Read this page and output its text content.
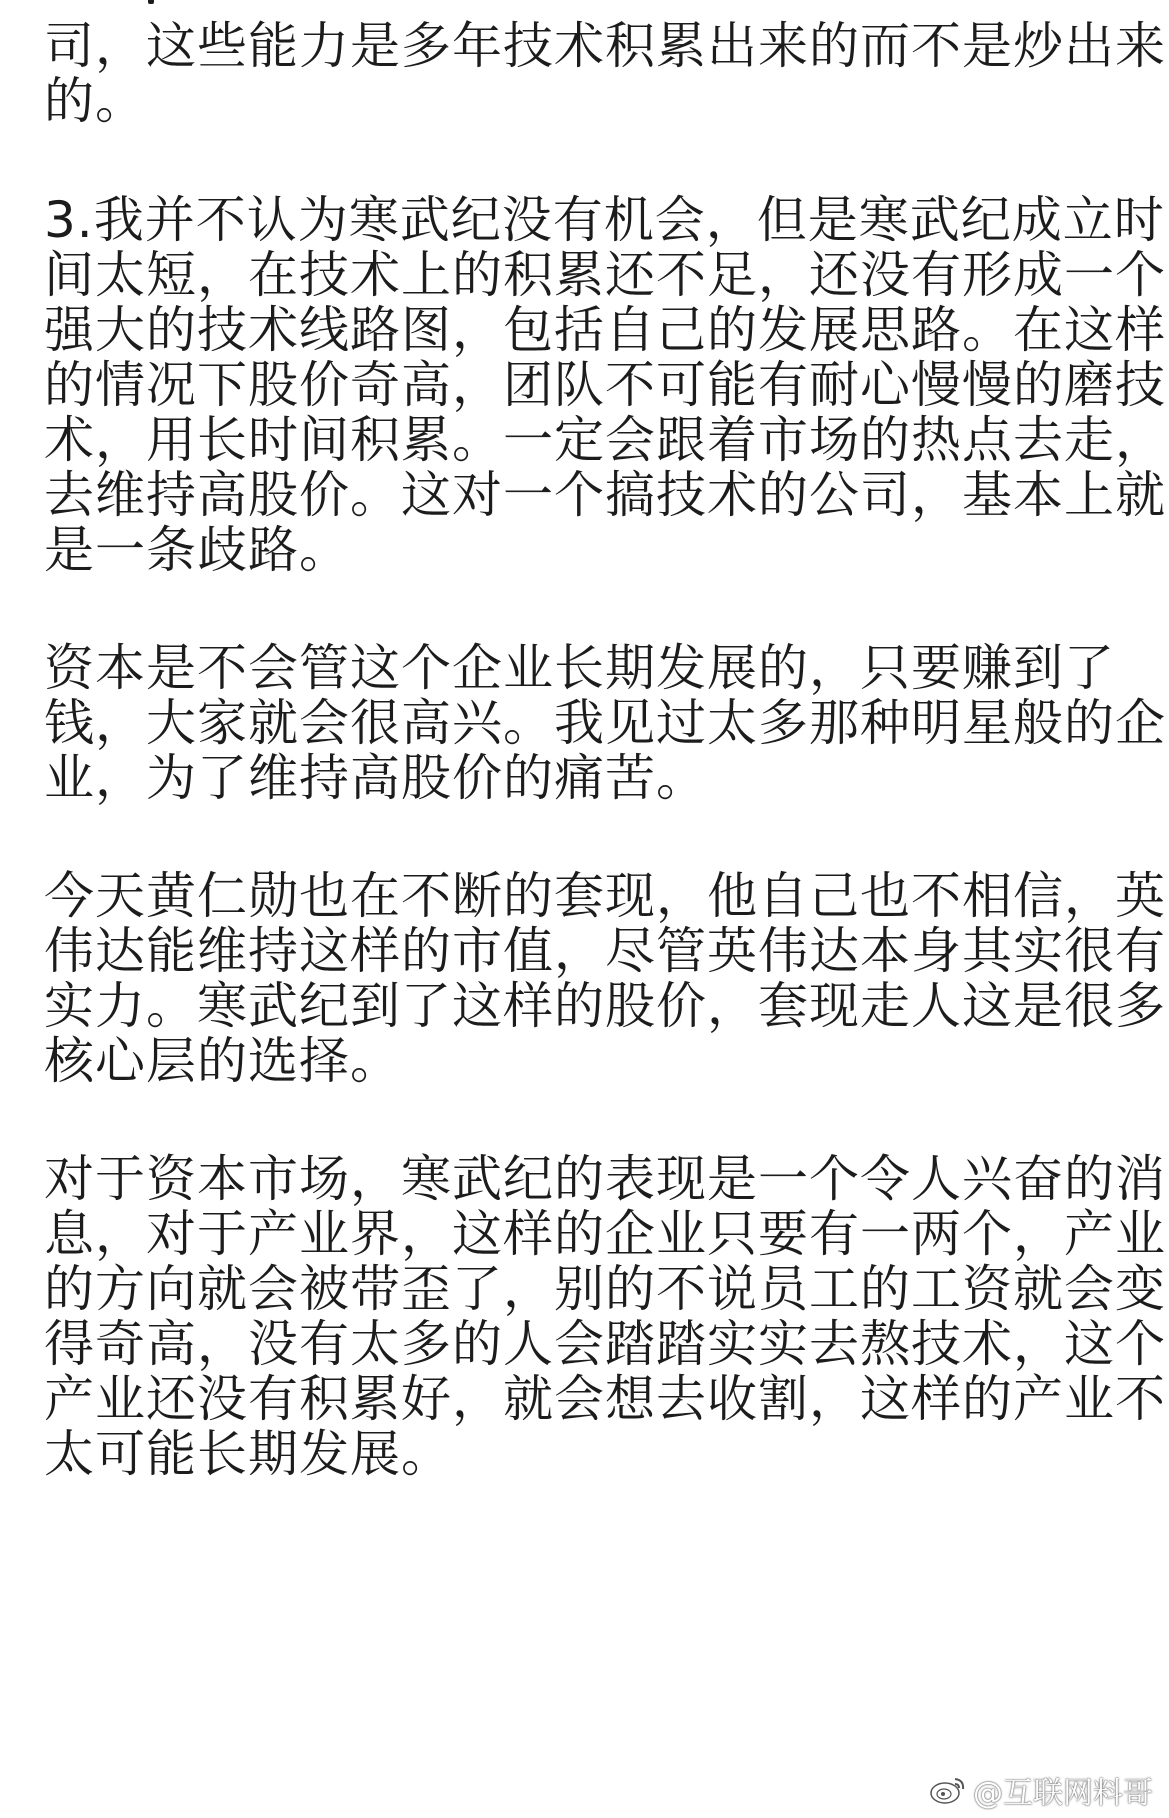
司，这些能力是多年技术积累出来的而不是炒出来
的。
3.我并不认为寒武纪没有机会，但是寒武纪成立时
间太短，在技术上的积累还不足，还没有形成一个
强大的技术线路图，包括自己的发展思路。在这样
的情况下股价奇高，团队不可能有耐心慢慢的磨技
术，用长时间积累。一定会跟着市场的热点去走，
去维持高股价。这对一个搞技术的公司，基本上就
是一条歧路。
资本是不会管这个企业长期发展的，只要赚到了
钱，大家就会很高兴。我见过太多那种明星般的企
业，为了维持高股价的痛苦。
今天黄仁勋也在不断的套现，他自己也不相信，英
伟达能维持这样的市值，尽管英伟达本身其实很有
实力。寒武纪到了这样的股价，套现走人这是很多
核心层的选择。
对于资本市场，寒武纪的表现是一个令人兴奋的消
息，对于产业界，这样的企业只要有一两个，产业
的方向就会被带歪了，别的不说员工的工资就会变
得奇高，没有太多的人会踏踏实实去熬技术，这个
产业还没有积累好，就会想去收割，这样的产业不
太可能长期发展。
@互联网料哥
